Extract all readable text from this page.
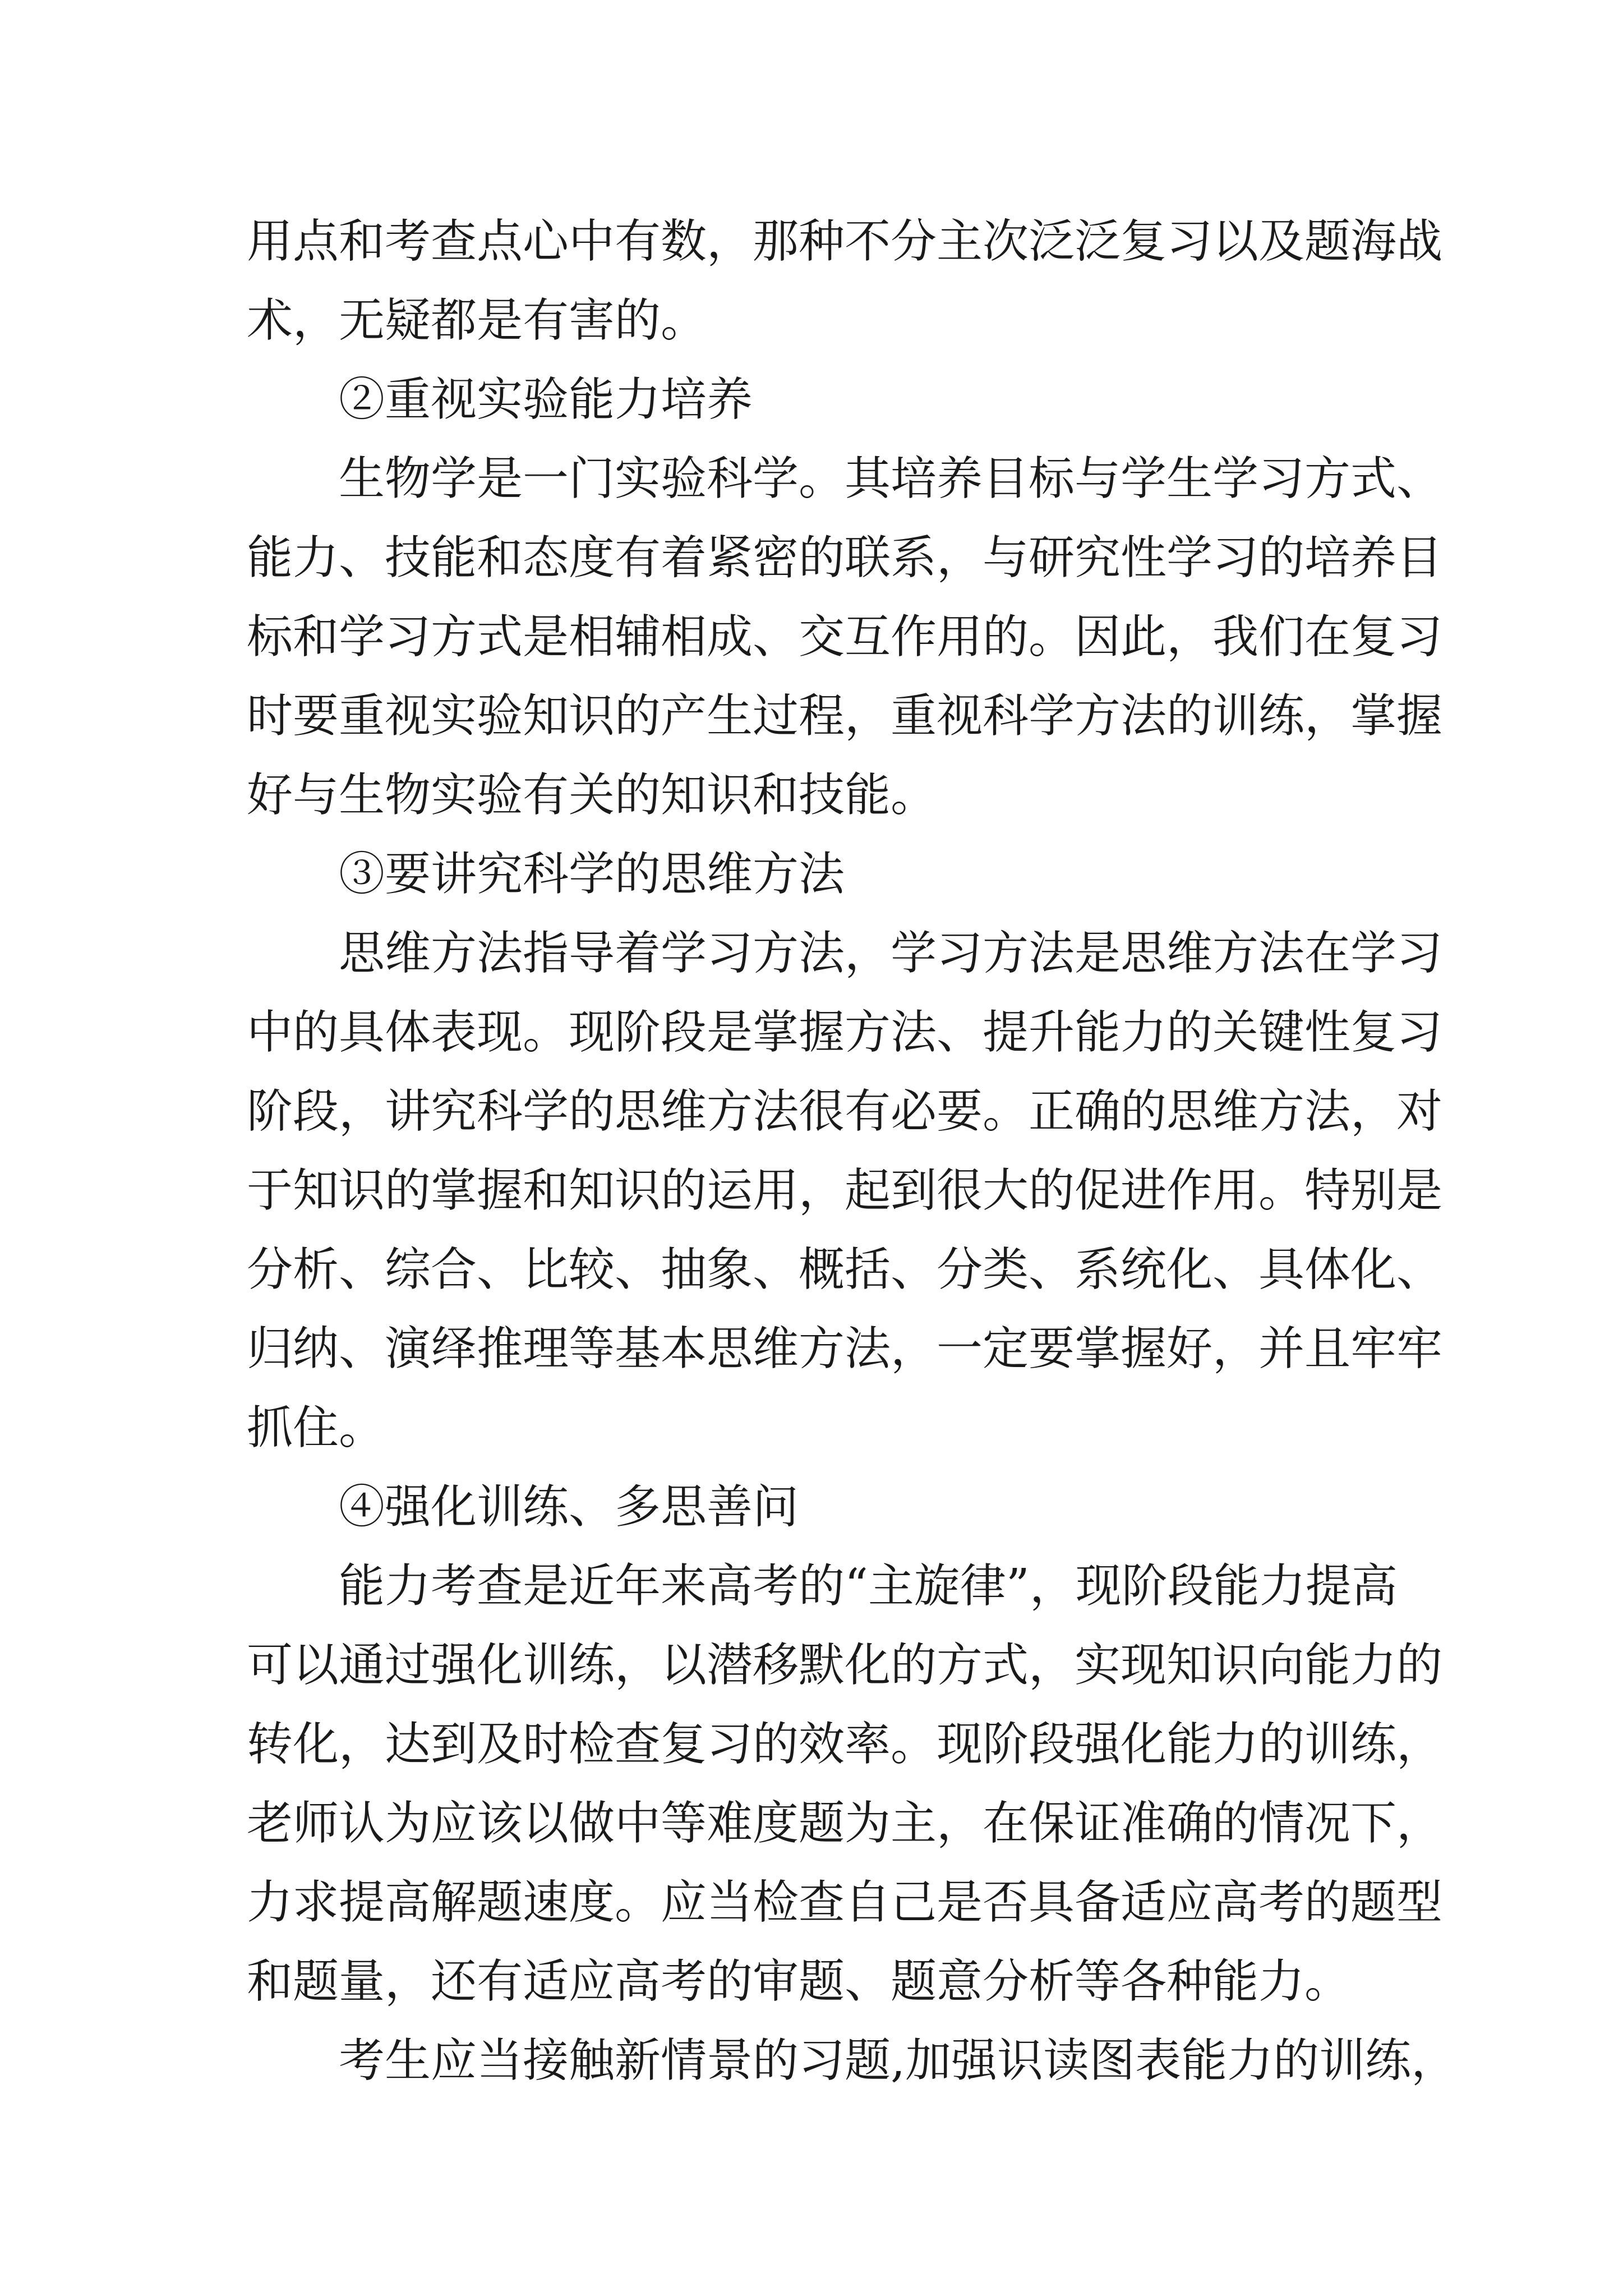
用点和考查点心中有数，那种不分主次泛泛复习以及题海战
术，无疑都是有害的。
②重视实验能力培养
生物学是一门实验科学。其培养目标与学生学习方式、
能力、技能和态度有着紧密的联系，与研究性学习的培养目
标和学习方式是相辅相成、交互作用的。因此，我们在复习
时要重视实验知识的产生过程，重视科学方法的训练，掌握
好与生物实验有关的知识和技能。
③要讲究科学的思维方法
思维方法指导着学习方法，学习方法是思维方法在学习
中的具体表现。现阶段是掌握方法、提升能力的关键性复习
阶段，讲究科学的思维方法很有必要。正确的思维方法，对
于知识的掌握和知识的运用，起到很大的促进作用。特别是
分析、综合、比较、抽象、概括、分类、系统化、具体化、
归纳、演绎推理等基本思维方法，一定要掌握好，并且牢牢
抓住。
④强化训练、多思善问
能力考查是近年来高考的“主旋律”，现阶段能力提高
可以通过强化训练，以潜移默化的方式，实现知识向能力的
转化，达到及时检查复习的效率。现阶段强化能力的训练，
老师认为应该以做中等难度题为主，在保证准确的情况下，
力求提高解题速度。应当检查自己是否具备适应高考的题型
和题量，还有适应高考的审题、题意分析等各种能力。
考生应当接触新情景的习题,加强识读图表能力的训练，
